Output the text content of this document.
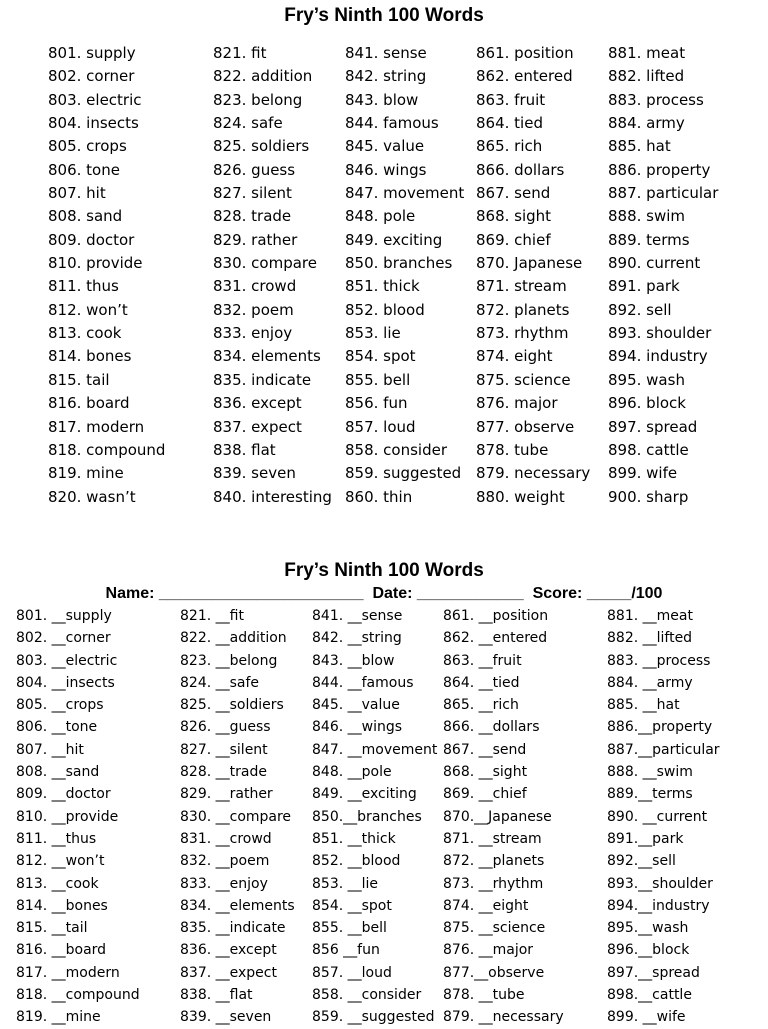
Fry’s Ninth 100 Words
801. supply
802. corner
803. electric
804. insects
805. crops
806. tone
807. hit
808. sand
809. doctor
810. provide
811. thus
812. won’t
813. cook
814. bones
815. tail
816. board
817. modern
818. compound
819. mine
820. wasn’t
821. fit
822. addition
823. belong
824. safe
825. soldiers
826. guess
827. silent
828. trade
829. rather
830. compare
831. crowd
832. poem
833. enjoy
834. elements
835. indicate
836. except
837. expect
838. flat
839. seven
840. interesting
841. sense
842. string
843. blow
844. famous
845. value
846. wings
847. movement
848. pole
849. exciting
850. branches
851. thick
852. blood
853. lie
854. spot
855. bell
856. fun
857. loud
858. consider
859. suggested
860. thin
861. position
862. entered
863. fruit
864. tied
865. rich
866. dollars
867. send
868. sight
869. chief
870. Japanese
871. stream
872. planets
873. rhythm
874. eight
875. science
876. major
877. observe
878. tube
879. necessary
880. weight
881. meat
882. lifted
883. process
884. army
885. hat
886. property
887. particular
888. swim
889. terms
890. current
891. park
892. sell
893. shoulder
894. industry
895. wash
896. block
897. spread
898. cattle
899. wife
900. sharp
Fry’s Ninth 100 Words
Name: _______________________  Date: ____________  Score: _____/100
801. __supply
802. __corner
803. __electric
804. __insects
805. __crops
806. __tone
807. __hit
808. __sand
809. __doctor
810. __provide
811. __thus
812. __won’t
813. __cook
814. __bones
815. __tail
816. __board
817. __modern
818. __compound
819. __mine
821. __fit
822. __addition
823. __belong
824. __safe
825. __soldiers
826. __guess
827. __silent
828. __trade
829. __rather
830. __compare
831. __crowd
832. __poem
833. __enjoy
834. __elements
835. __indicate
836. __except
837. __expect
838. __flat
839. __seven
841. __sense
842. __string
843. __blow
844. __famous
845. __value
846. __wings
847. __movement
848. __pole
849. __exciting
850.__branches
851. __thick
852. __blood
853. __lie
854. __spot
855. __bell
856 __fun
857. __loud
858. __consider
859. __suggested
861. __position
862. __entered
863. __fruit
864. __tied
865. __rich
866. __dollars
867. __send
868. __sight
869. __chief
870.__Japanese
871. __stream
872. __planets
873. __rhythm
874. __eight
875. __science
876. __major
877.__observe
878. __tube
879. __necessary
881. __meat
882. __lifted
883. __process
884. __army
885. __hat
886.__property
887.__particular
888. __swim
889.__terms
890. __current
891.__park
892.__sell
893.__shoulder
894.__industry
895.__wash
896.__block
897.__spread
898.__cattle
899. __wife
